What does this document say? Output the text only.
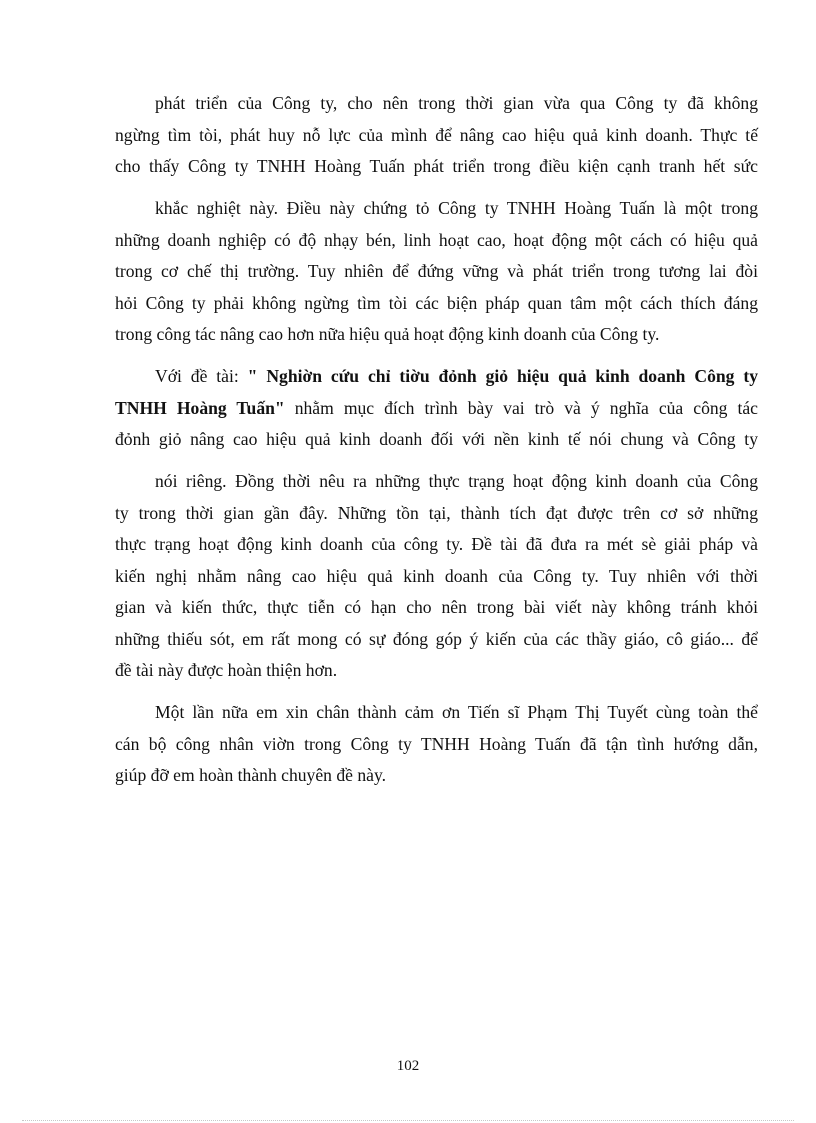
phát triển của Công ty, cho nên trong thời gian vừa qua Công ty đã không
ngừng tìm tòi, phát huy nỗ lực của mình để nâng cao hiệu quả kinh doanh. Thực tế
cho thấy Công ty TNHH Hoàng Tuấn phát triển trong điều kiện cạnh tranh hết sức
khắc nghiệt này. Điều này chứng tỏ Công ty TNHH Hoàng Tuấn là một trong
những doanh nghiệp có độ nhạy bén, linh hoạt cao, hoạt động một cách có hiệu quả
trong cơ chế thị trường. Tuy nhiên để đứng vững và phát triển trong tương lai đòi
hỏi Công ty phải không ngừng tìm tòi các biện pháp quan tâm một cách thích đáng
trong công tác nâng cao hơn nữa hiệu quả hoạt động kinh doanh của Công ty.
Với đề tài: " Nghiờn cứu chỉ tiờu đỏnh giỏ hiệu quả kinh doanh Công ty
TNHH Hoàng Tuấn" nhằm mục đích trình bày vai trò và ý nghĩa của công tác
đỏnh giỏ nâng cao hiệu quả kinh doanh đối với nền kinh tế nói chung và Công ty
nói riêng. Đồng thời nêu ra những thực trạng hoạt động kinh doanh của Công
ty trong thời gian gần đây. Những tồn tại, thành tích đạt được trên cơ sở những
thực trạng hoạt động kinh doanh của công ty. Đề tài đã đưa ra mét sè giải pháp và
kiến nghị nhằm nâng cao hiệu quả kinh doanh của Công ty. Tuy nhiên với thời
gian và kiến thức, thực tiễn có hạn cho nên trong bài viết này không tránh khỏi
những thiếu sót, em rất mong có sự đóng góp ý kiến của các thầy giáo, cô giáo... để
đề tài này được hoàn thiện hơn.
Một lần nữa em xin chân thành cảm ơn Tiến sĩ Phạm Thị Tuyết cùng toàn thể
cán bộ công nhân viờn trong Công ty TNHH Hoàng Tuấn đã tận tình hướng dẫn,
giúp đỡ em hoàn thành chuyên đề này.
102
